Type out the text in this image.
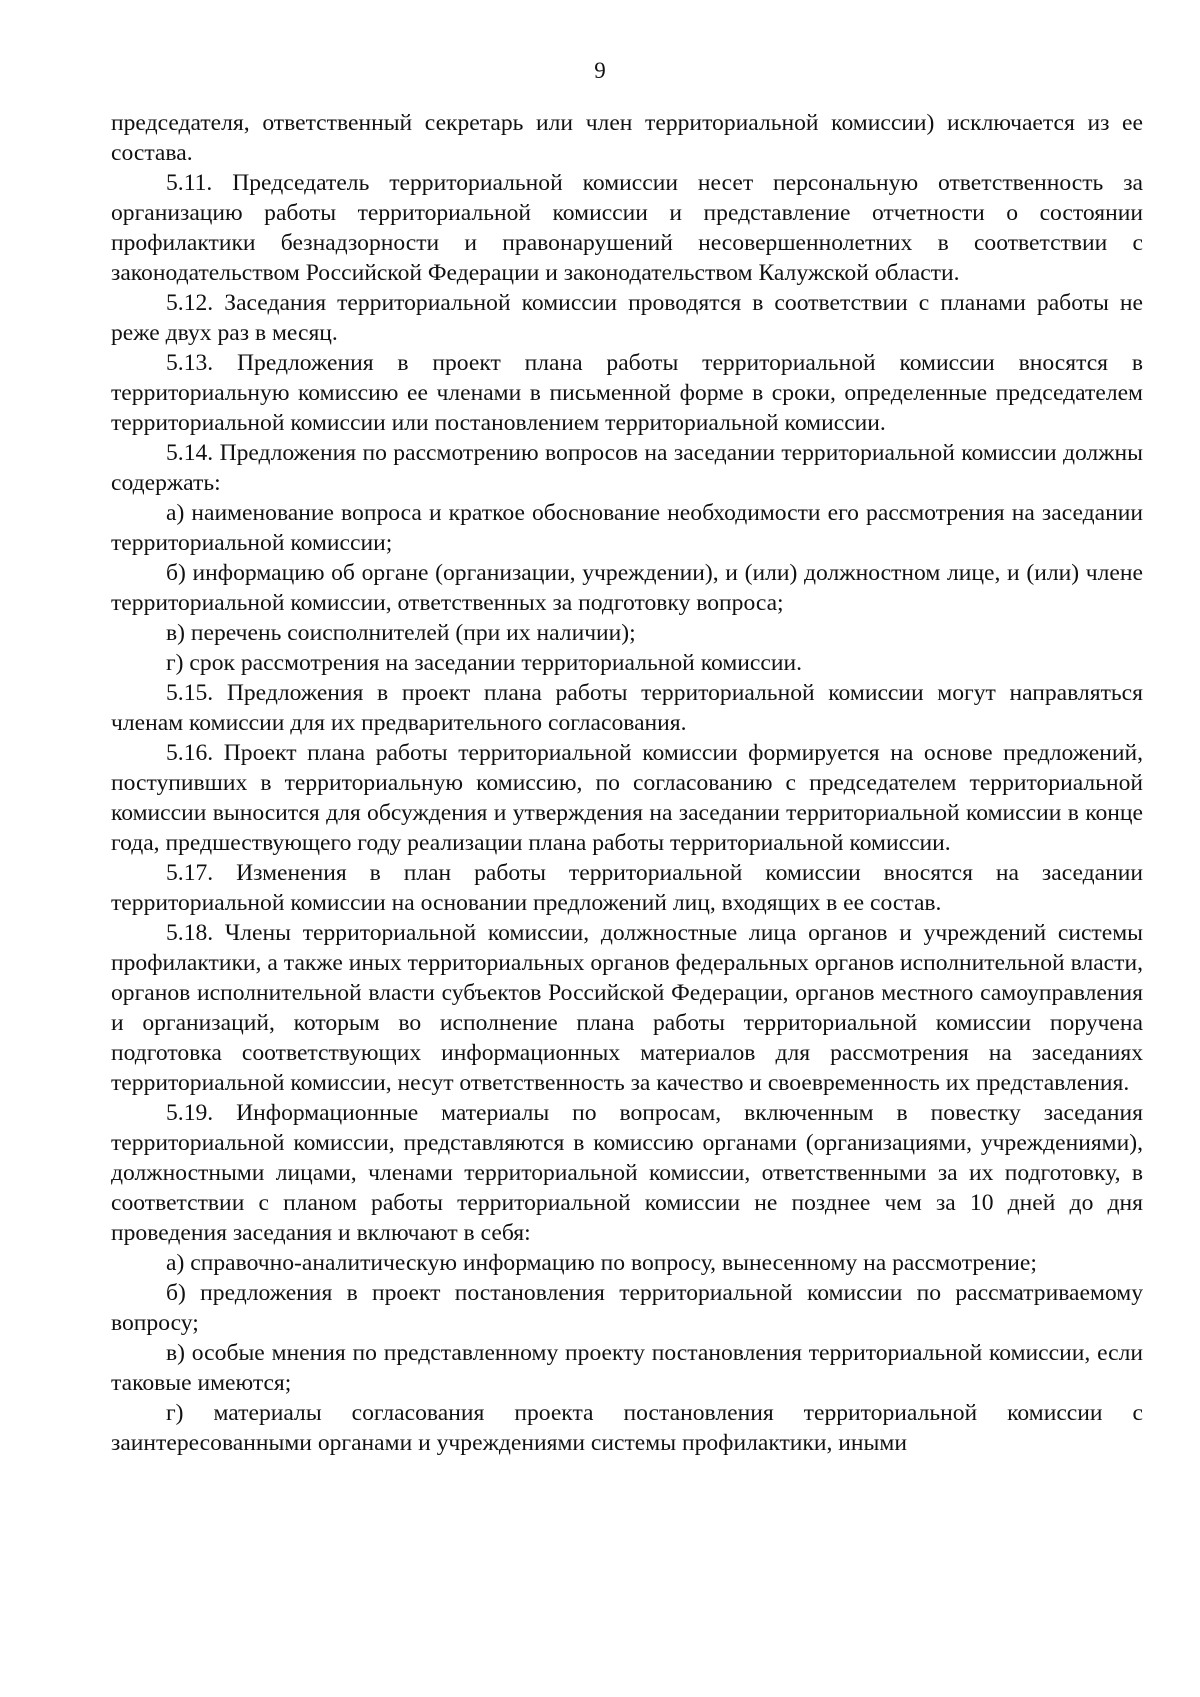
9

председателя, ответственный секретарь или член территориальной комиссии) исключается из ее состава.

5.11. Председатель территориальной комиссии несет персональную ответственность за организацию работы территориальной комиссии и представление отчетности о состоянии профилактики безнадзорности и правонарушений несовершеннолетних в соответствии с законодательством Российской Федерации и законодательством Калужской области.

5.12. Заседания территориальной комиссии проводятся в соответствии с планами работы не реже двух раз в месяц.

5.13. Предложения в проект плана работы территориальной комиссии вносятся в территориальную комиссию ее членами в письменной форме в сроки, определенные председателем территориальной комиссии или постановлением территориальной комиссии.

5.14. Предложения по рассмотрению вопросов на заседании территориальной комиссии должны содержать:

а) наименование вопроса и краткое обоснование необходимости его рассмотрения на заседании территориальной комиссии;

б) информацию об органе (организации, учреждении), и (или) должностном лице, и (или) члене территориальной комиссии, ответственных за подготовку вопроса;

в) перечень соисполнителей (при их наличии);

г) срок рассмотрения на заседании территориальной комиссии.

5.15. Предложения в проект плана работы территориальной комиссии могут направляться членам комиссии для их предварительного согласования.

5.16. Проект плана работы территориальной комиссии формируется на основе предложений, поступивших в территориальную комиссию, по согласованию с председателем территориальной комиссии выносится для обсуждения и утверждения на заседании территориальной комиссии в конце года, предшествующего году реализации плана работы территориальной комиссии.

5.17. Изменения в план работы территориальной комиссии вносятся на заседании территориальной комиссии на основании предложений лиц, входящих в ее состав.

5.18. Члены территориальной комиссии, должностные лица органов и учреждений системы профилактики, а также иных территориальных органов федеральных органов исполнительной власти, органов исполнительной власти субъектов Российской Федерации, органов местного самоуправления и организаций, которым во исполнение плана работы территориальной комиссии поручена подготовка соответствующих информационных материалов для рассмотрения на заседаниях территориальной комиссии, несут ответственность за качество и своевременность их представления.

5.19. Информационные материалы по вопросам, включенным в повестку заседания территориальной комиссии, представляются в комиссию органами (организациями, учреждениями), должностными лицами, членами территориальной комиссии, ответственными за их подготовку, в соответствии с планом работы территориальной комиссии не позднее чем за 10 дней до дня проведения заседания и включают в себя:

а) справочно-аналитическую информацию по вопросу, вынесенному на рассмотрение;

б) предложения в проект постановления территориальной комиссии по рассматриваемому вопросу;

в) особые мнения по представленному проекту постановления территориальной комиссии, если таковые имеются;

г) материалы согласования проекта постановления территориальной комиссии с заинтересованными органами и учреждениями системы профилактики, иными
